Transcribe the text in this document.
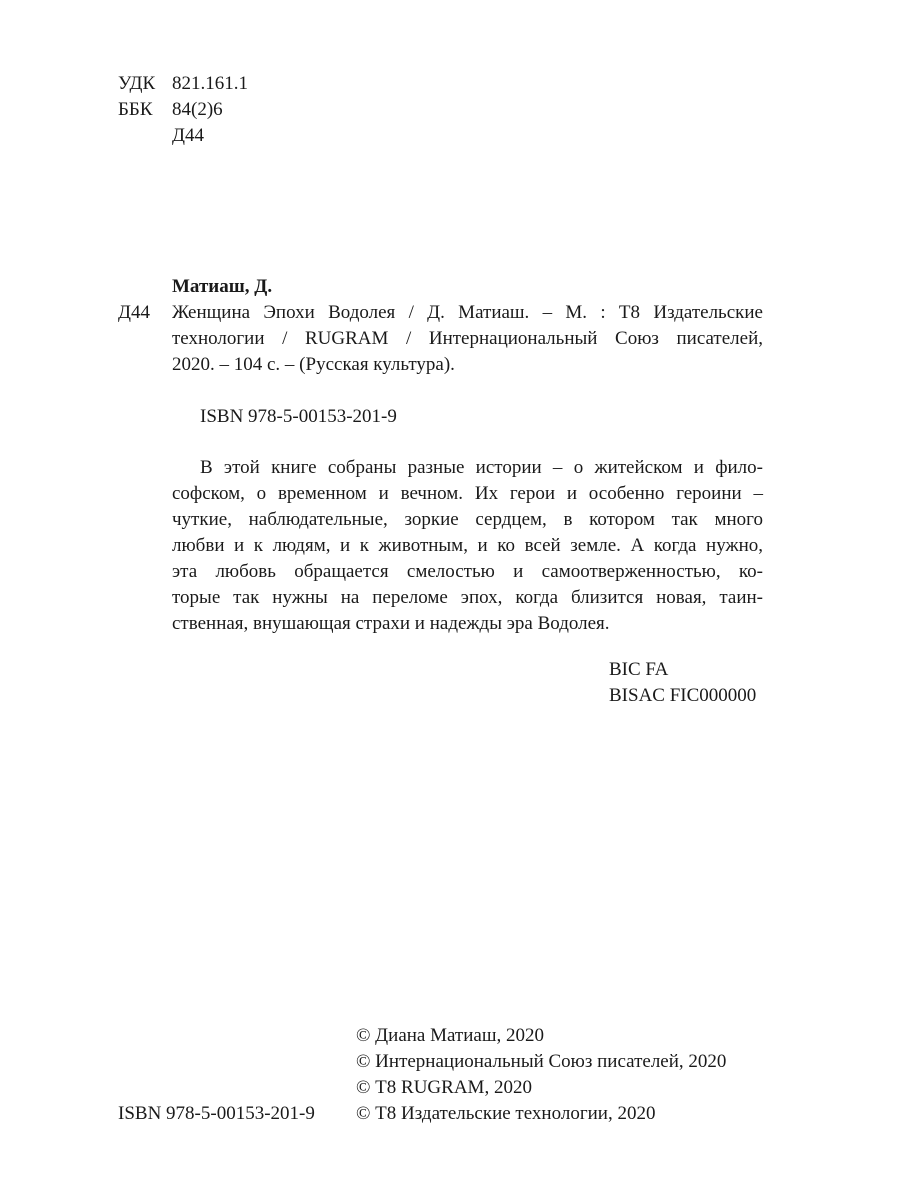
УДК 821.161.1
ББК 84(2)6
Д44
Матиаш, Д.
Д44 Женщина Эпохи Водолея / Д. Матиаш. – М. : Т8 Издательские
технологии / RUGRAM / Интернациональный Союз писателей,
2020. – 104 с. – (Русская культура).
ISBN 978-5-00153-201-9
В этой книге собраны разные истории – о житейском и фило-
софском, о временном и вечном. Их герои и особенно героини –
чуткие, наблюдательные, зоркие сердцем, в котором так много
любви и к людям, и к животным, и ко всей земле. А когда нужно,
эта любовь обращается смелостью и самоотверженностью, ко-
торые так нужны на переломе эпох, когда близится новая, таин-
ственная, внушающая страхи и надежды эра Водолея.
BIC FA
BISAC FIC000000
© Диана Матиаш, 2020
© Интернациональный Союз писателей, 2020
© Т8 RUGRAM, 2020
ISBN 978-5-00153-201-9 © Т8 Издательские технологии, 2020
